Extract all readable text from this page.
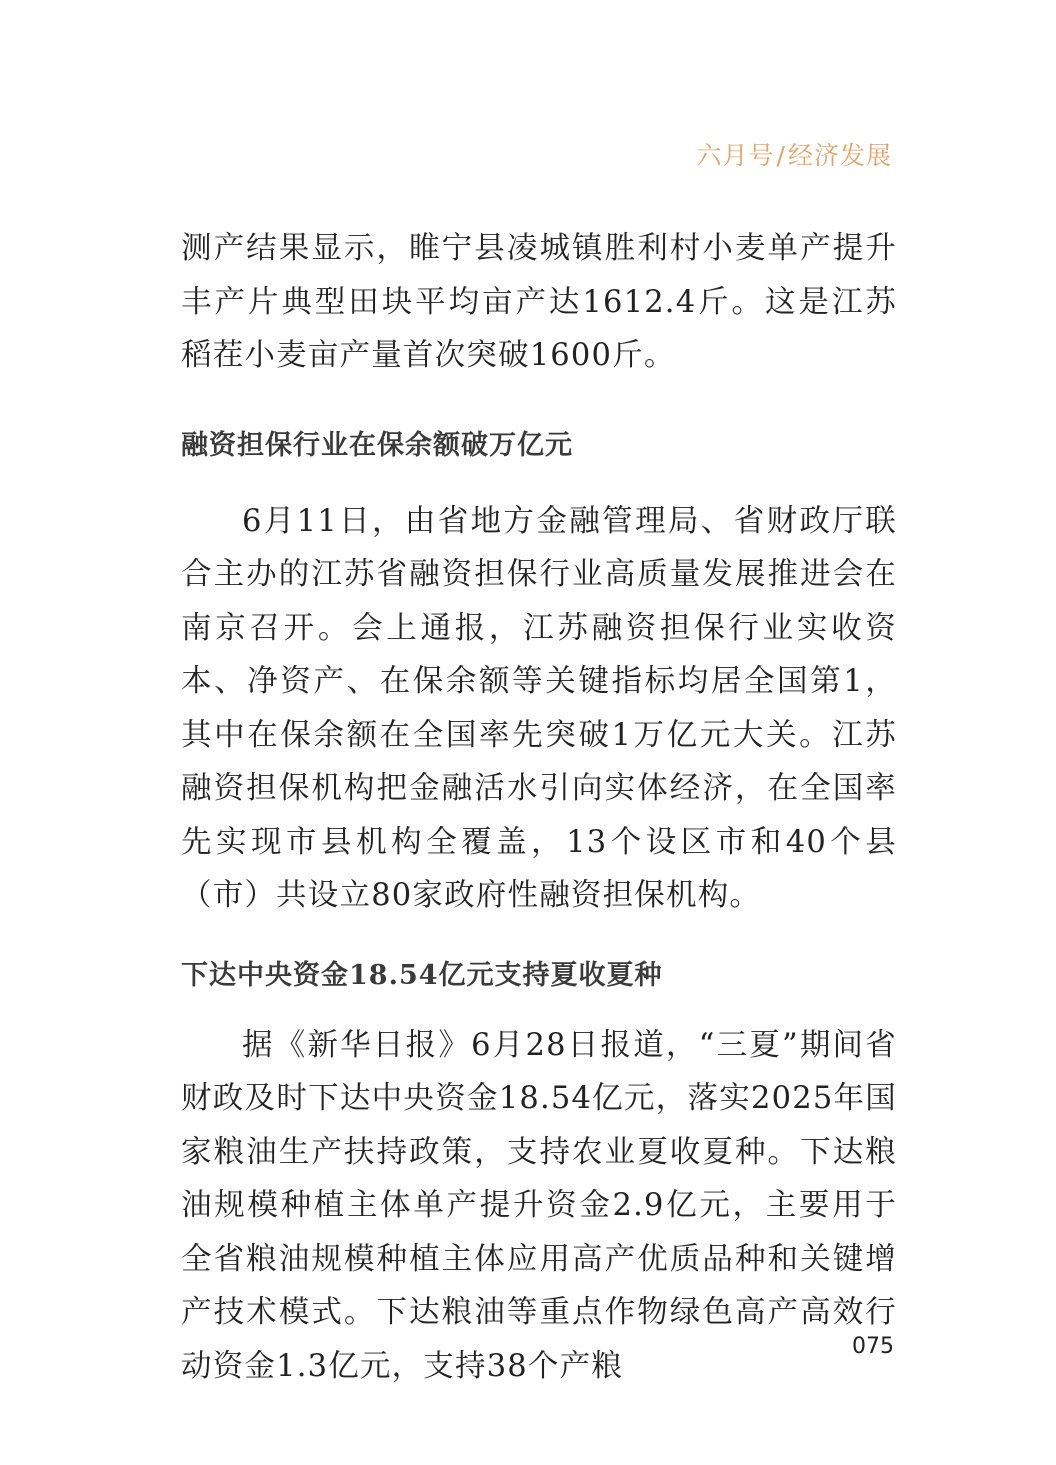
六月号/经济发展

测产结果显示，睢宁县凌城镇胜利村小麦单产提升丰产片典型田块平均亩产达1612.4斤。这是江苏稻茬小麦亩产量首次突破1600斤。

融资担保行业在保余额破万亿元

6月11日，由省地方金融管理局、省财政厅联合主办的江苏省融资担保行业高质量发展推进会在南京召开。会上通报，江苏融资担保行业实收资本、净资产、在保余额等关键指标均居全国第1，其中在保余额在全国率先突破1万亿元大关。江苏融资担保机构把金融活水引向实体经济，在全国率先实现市县机构全覆盖，13个设区市和40个县（市）共设立80家政府性融资担保机构。

下达中央资金18.54亿元支持夏收夏种

据《新华日报》6月28日报道，“三夏”期间省财政及时下达中央资金18.54亿元，落实2025年国家粮油生产扶持政策，支持农业夏收夏种。下达粮油规模种植主体单产提升资金2.9亿元，主要用于全省粮油规模种植主体应用高产优质品种和关键增产技术模式。下达粮油等重点作物绿色高产高效行动资金1.3亿元，支持38个产粮

075
